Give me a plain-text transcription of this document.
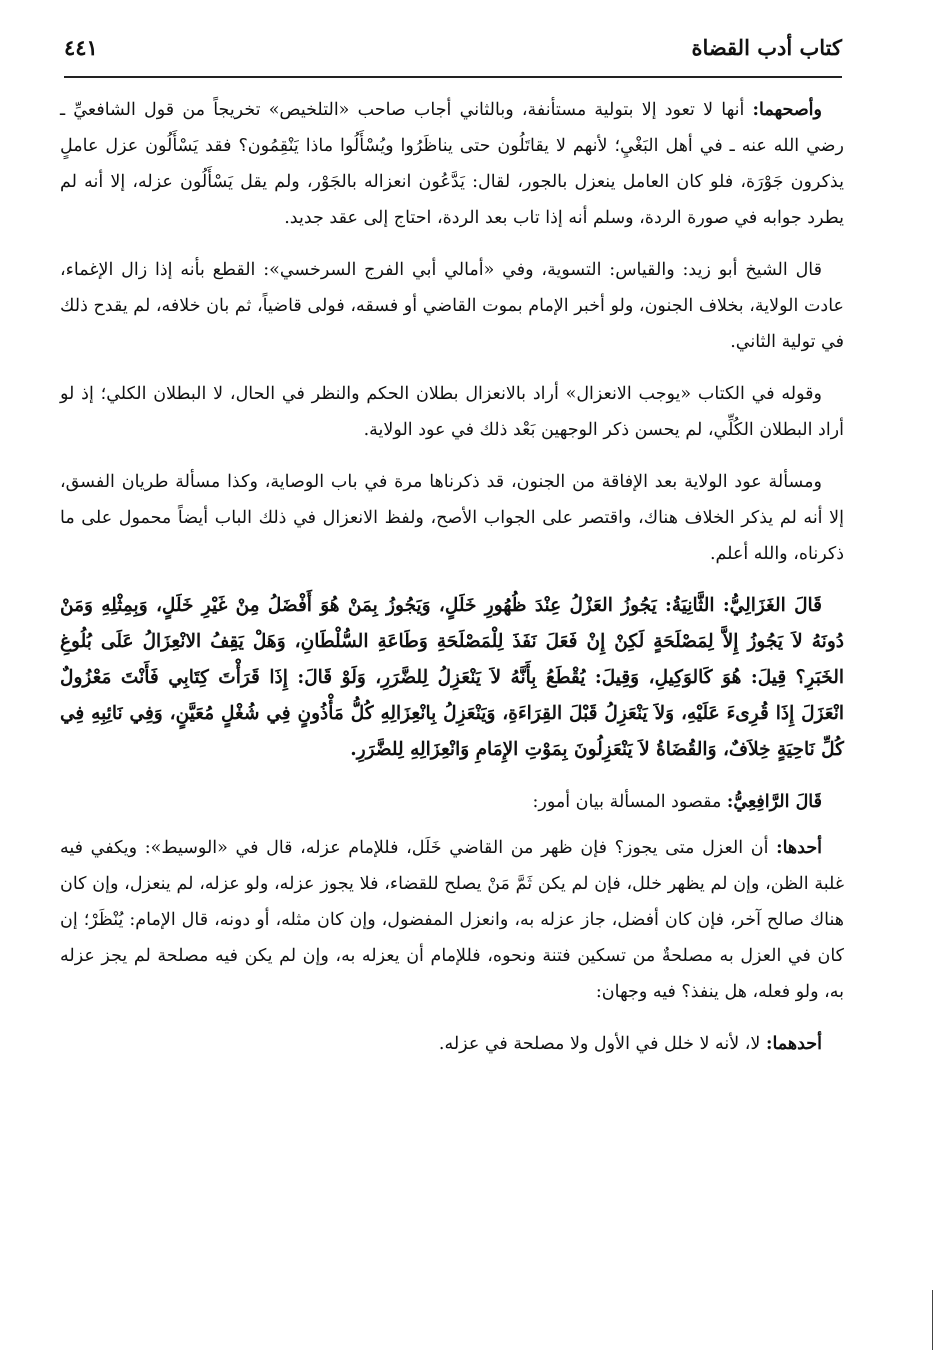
كتاب أدب القضاة
٤٤١

وأصحهما: أنها لا تعود إلا بتولية مستأنفة، وبالثاني أجاب صاحب «التلخيص» تخريجاً من قول الشافعيِّ ـ رضي الله عنه ـ في أهل البَغْيِ؛ لأنهم لا يقاتَلُون حتى يناظَرُوا ويُسْأَلُوا ماذا يَنْقِمُون؟ فقد يَسْأَلُون عزل عاملٍ يذكرون جَوْرَة، فلو كان العامل ينعزل بالجور، لقال: يَدَّعُون انعزاله بالجَوْر، ولم يقل يَسْأَلُون عزله، إلا أنه لم يطرد جوابه في صورة الردة، وسلم أنه إذا تاب بعد الردة، احتاج إلى عقد جديد.

قال الشيخ أبو زيد: والقياس: التسوية، وفي «أمالي أبي الفرج السرخسي»: القطع بأنه إذا زال الإغماء، عادت الولاية، بخلاف الجنون، ولو أخبر الإمام بموت القاضي أو فسقه، فولى قاضياً، ثم بان خلافه، لم يقدح ذلك في تولية الثاني.

وقوله في الكتاب «يوجب الانعزال» أراد بالانعزال بطلان الحكم والنظر في الحال، لا البطلان الكلي؛ إذ لو أراد البطلان الكُلِّي، لم يحسن ذكر الوجهين بَعْد ذلك في عود الولاية.

ومسألة عود الولاية بعد الإفاقة من الجنون، قد ذكرناها مرة في باب الوصاية، وكذا مسألة طريان الفسق، إلا أنه لم يذكر الخلاف هناك، واقتصر على الجواب الأصح، ولفظ الانعزال في ذلك الباب أيضاً محمول على ما ذكرناه، والله أعلم.

قَالَ الغَزَالِيُّ: الثَّانِيَةُ: يَجُوزُ العَزْلُ عِنْدَ ظُهُورِ خَلَلٍ، وَيَجُوزُ بِمَنْ هُوَ أَفْضَلُ مِنْ غَيْرِ خَلَلٍ، وَبِمِثْلِهِ وَمَنْ دُونَهُ لاَ يَجُوزُ إِلاَّ لِمَصْلَحَةٍ لَكِنْ إِنْ فَعَلَ نَفَذَ لِلْمَصْلَحَةِ وَطَاعَةِ السُّلْطَانِ، وَهَلْ يَقِفُ الانْعِزَالُ عَلَى بُلُوغِ الخَبَرِ؟ قِيلَ: هُوَ كَالوَكِيلِ، وَقِيلَ: يُقْطَعُ بِأَنَّهُ لاَ يَنْعَزِلُ لِلضَّرَرِ، وَلَوْ قَالَ: إِذَا قَرَأْتَ كِتَابِي فَأَنْتَ مَعْزُولٌ انْعَزَلَ إِذَا قُرِىءَ عَلَيْهِ، وَلاَ يَنْعَزِلُ قَبْلَ القِرَاءَةِ، وَيَنْعَزِلُ بِانْعِزَالِهِ كُلُّ مَأْذُونٍ فِي شُغْلٍ مُعَيَّنٍ، وَفِي نَائِبِهِ فِي كُلِّ نَاحِيَةٍ خِلاَفٌ، وَالقُضَاةُ لاَ يَنْعَزِلُونَ بِمَوْتِ الإِمَامِ وَانْعِزَالِهِ لِلضَّرَرِ.

قَالَ الرَّافِعِيُّ: مقصود المسألة بيان أمور:

أحدها: أن العزل متى يجوز؟ فإن ظهر من القاضي خَلَل، فللإمام عزله، قال في «الوسيط»: ويكفي فيه غلبة الظن، وإن لم يظهر خلل، فإن لم يكن ثَمَّ مَنْ يصلح للقضاء، فلا يجوز عزله، ولو عزله، لم ينعزل، وإن كان هناك صالح آخر، فإن كان أفضل، جاز عزله به، وانعزل المفضول، وإن كان مثله، أو دونه، قال الإمام: يُنْظَرْ؛ إن كان في العزل به مصلحةٌ من تسكين فتنة ونحوه، فللإمام أن يعزله به، وإن لم يكن فيه مصلحة لم يجز عزله به، ولو فعله، هل ينفذ؟ فيه وجهان:

أحدهما: لا، لأنه لا خلل في الأول ولا مصلحة في عزله.
